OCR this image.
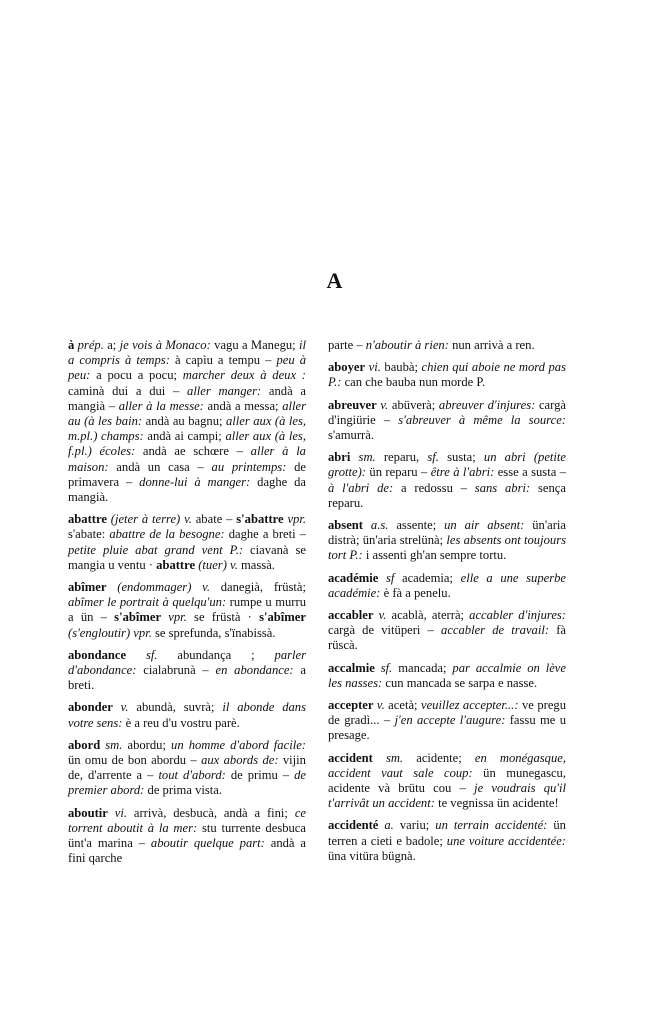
A
à prép. a; je vois à Monaco: vagu a Manegu; il a compris à temps: à capìu a tempu – peu à peu: a pocu a pocu; marcher deux à deux : caminà dui a dui – aller manger: andà a mangià – aller à la messe: andà a messa; aller au (à les bain: andà au bagnu; aller aux (à les, m.pl.) champs: andà ai campi; aller aux (à les, f.pl.) écoles: andà ae schœre – aller à la maison: andà un casa – au printemps: de primavera – donne-lui à manger: daghe da mangià.
abattre (jeter à terre) v. abate – s'abattre vpr. s'abate: abattre de la besogne: daghe a breti – petite pluie abat grand vent P.: ciavanà se mangia u ventu · abattre (tuer) v. massà.
abîmer (endommager) v. danegià, früstà; abîmer le portrait à quelqu'un: rumpe u murru a ün – s'abîmer vpr. se früstà · s'abîmer (s'engloutir) vpr. se sprefunda, s'ïnabissà.
abondance sf. abundança ; parler d'abondance: cialabrunà – en abondance: a breti.
abonder v. abundà, suvrà; il abonde dans votre sens: è a reu d'u vostru parè.
abord sm. abordu; un homme d'abord facile: ün omu de bon abordu – aux abords de: vijin de, d'arrente a – tout d'abord: de primu – de premier abord: de prima vista.
aboutir vi. arrivà, desbucà, andà a fini; ce torrent aboutit à la mer: stu turrente desbuca ünt'a marina – aboutir quelque part: andà a fini qarche
parte – n'aboutir à rien: nun arrivà a ren.
aboyer vi. baubà; chien qui aboie ne mord pas P.: can che bauba nun morde P.
abreuver v. abüverà; abreuver d'injures: cargà d'ingiürie – s'abreuver à même la source: s'amurrà.
abri sm. reparu, sf. susta; un abri (petite grotte): ün reparu – être à l'abri: esse a susta – à l'abri de: a redossu – sans abri: sença reparu.
absent a.s. assente; un air absent: ün'aria distrà; ün'aria strelünà; les absents ont toujours tort P.: i assenti gh'an sempre tortu.
académie sf academia; elle a une superbe académie: è fà a penelu.
accabler v. acablà, aterrà; accabler d'injures: cargà de vitüperi – accabler de travail: fà rüscà.
accalmie sf. mancada; par accalmie on lève les nasses: cun mancada se sarpa e nasse.
accepter v. acetà; veuillez accepter...: ve pregu de gradì... – j'en accepte l'augure: fassu me u presage.
accident sm. acidente; en monégasque, accident vaut sale coup: ün munegascu, acidente và brütu cou – je voudrais qu'il t'arrivât un accident: te vegnissa ün acidente!
accidenté a. variu; un terrain accidenté: ün terren a cieti e badole; une voiture accidentée: üna vitüra bügnà.
